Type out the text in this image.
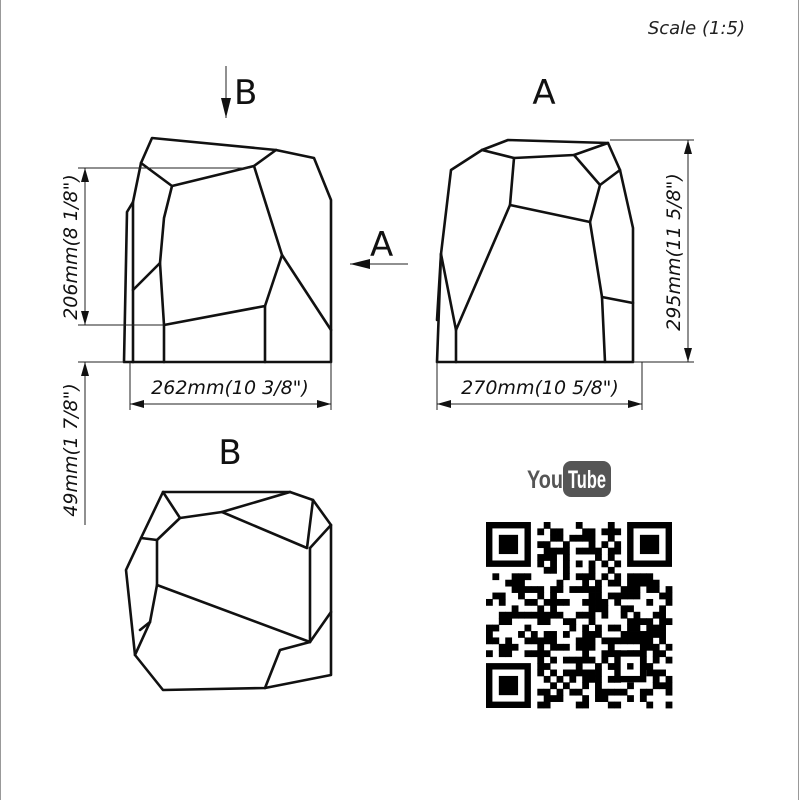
Scale (1:5)
B
A
206mm(8 1/8")
49mm(1 7/8")	262mm(10 3/8")
A
270mm(10 5/8")
295mm(11 5/8")
B
You Tube
